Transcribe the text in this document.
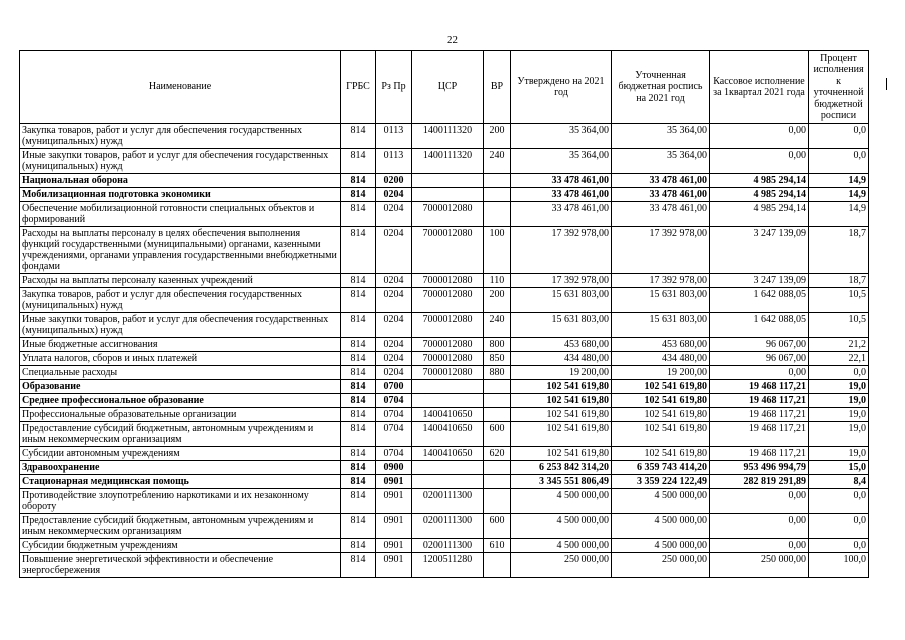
22
Наименование	ГРБС	Рз Пр	ЦСР	ВР	Утверждено на 2021 год	Уточненная бюджетная роспись на 2021 год	Кассовое исполнение за 1квартал 2021 года	Процент исполнения к уточненной бюджетной росписи
Закупка товаров, работ и услуг для обеспечения государственных (муниципальных) нужд	814	0113	1400111320	200	35 364,00	35 364,00	0,00	0,0
Иные закупки товаров, работ и услуг для обеспечения государственных (муниципальных) нужд	814	0113	1400111320	240	35 364,00	35 364,00	0,00	0,0
Национальная оборона	814	0200			33 478 461,00	33 478 461,00	4 985 294,14	14,9
Мобилизационная подготовка экономики	814	0204			33 478 461,00	33 478 461,00	4 985 294,14	14,9
Обеспечение мобилизационной готовности специальных объектов и формирований	814	0204	7000012080		33 478 461,00	33 478 461,00	4 985 294,14	14,9
Расходы на выплаты персоналу в целях обеспечения выполнения функций государственными (муниципальными) органами, казенными учреждениями, органами управления государственными внебюджетными фондами	814	0204	7000012080	100	17 392 978,00	17 392 978,00	3 247 139,09	18,7
Расходы на выплаты персоналу казенных учреждений	814	0204	7000012080	110	17 392 978,00	17 392 978,00	3 247 139,09	18,7
Закупка товаров, работ и услуг для обеспечения государственных (муниципальных) нужд	814	0204	7000012080	200	15 631 803,00	15 631 803,00	1 642 088,05	10,5
Иные закупки товаров, работ и услуг для обеспечения государственных (муниципальных) нужд	814	0204	7000012080	240	15 631 803,00	15 631 803,00	1 642 088,05	10,5
Иные бюджетные ассигнования	814	0204	7000012080	800	453 680,00	453 680,00	96 067,00	21,2
Уплата налогов, сборов и иных платежей	814	0204	7000012080	850	434 480,00	434 480,00	96 067,00	22,1
Специальные расходы	814	0204	7000012080	880	19 200,00	19 200,00	0,00	0,0
Образование	814	0700			102 541 619,80	102 541 619,80	19 468 117,21	19,0
Среднее профессиональное образование	814	0704			102 541 619,80	102 541 619,80	19 468 117,21	19,0
Профессиональные образовательные организации	814	0704	1400410650		102 541 619,80	102 541 619,80	19 468 117,21	19,0
Предоставление субсидий бюджетным, автономным учреждениям и иным некоммерческим организациям	814	0704	1400410650	600	102 541 619,80	102 541 619,80	19 468 117,21	19,0
Субсидии автономным учреждениям	814	0704	1400410650	620	102 541 619,80	102 541 619,80	19 468 117,21	19,0
Здравоохранение	814	0900			6 253 842 314,20	6 359 743 414,20	953 496 994,79	15,0
Стационарная медицинская помощь	814	0901			3 345 551 806,49	3 359 224 122,49	282 819 291,89	8,4
Противодействие злоупотреблению наркотиками и их незаконному обороту	814	0901	0200111300		4 500 000,00	4 500 000,00	0,00	0,0
Предоставление субсидий бюджетным, автономным учреждениям и иным некоммерческим организациям	814	0901	0200111300	600	4 500 000,00	4 500 000,00	0,00	0,0
Субсидии бюджетным учреждениям	814	0901	0200111300	610	4 500 000,00	4 500 000,00	0,00	0,0
Повышение энергетической эффективности и обеспечение энергосбережения	814	0901	1200511280		250 000,00	250 000,00	250 000,00	100,0
